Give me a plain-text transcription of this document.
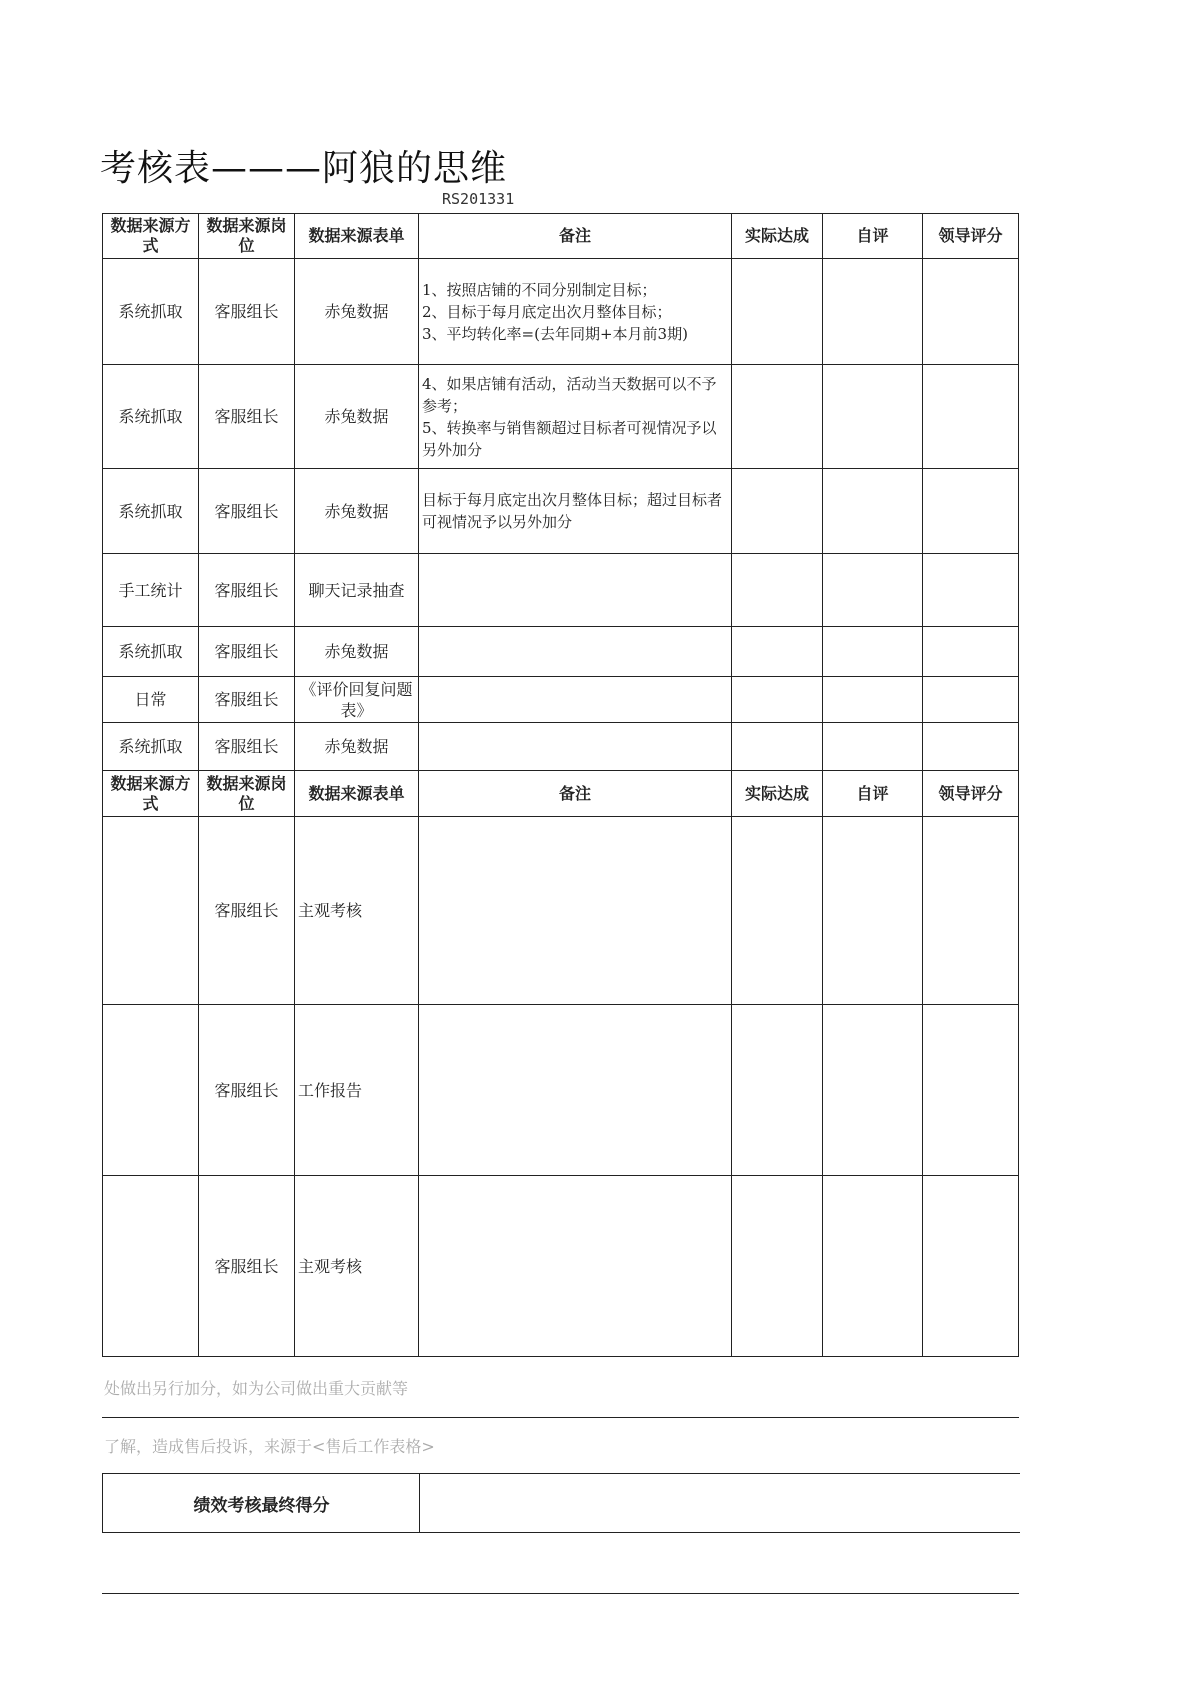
考核表———阿狼的思维
RS201331
数据来源方式	数据来源岗位	数据来源表单	备注	实际达成	自评	领导评分
系统抓取	客服组长	赤兔数据	1、按照店铺的不同分别制定目标；
2、目标于每月底定出次月整体目标；
3、平均转化率=(去年同期+本月前3期)			

系统抓取	客服组长	赤兔数据	4、如果店铺有活动，活动当天数据可以不予参考；
5、转换率与销售额超过目标者可视情况予以另外加分			

系统抓取	客服组长	赤兔数据	目标于每月底定出次月整体目标；超过目标者可视情况予以另外加分			
手工统计	客服组长	聊天记录抽查				
系统抓取	客服组长	赤兔数据				
日常	客服组长	《评价回复问题表》				
系统抓取	客服组长	赤兔数据				
数据来源方式	数据来源岗位	数据来源表单	备注	实际达成	自评	领导评分
	客服组长	主观考核				
	客服组长	工作报告				
	客服组长	主观考核				
处做出另行加分，如为公司做出重大贡献等
了解，造成售后投诉，来源于<售后工作表格>
绩效考核最终得分
